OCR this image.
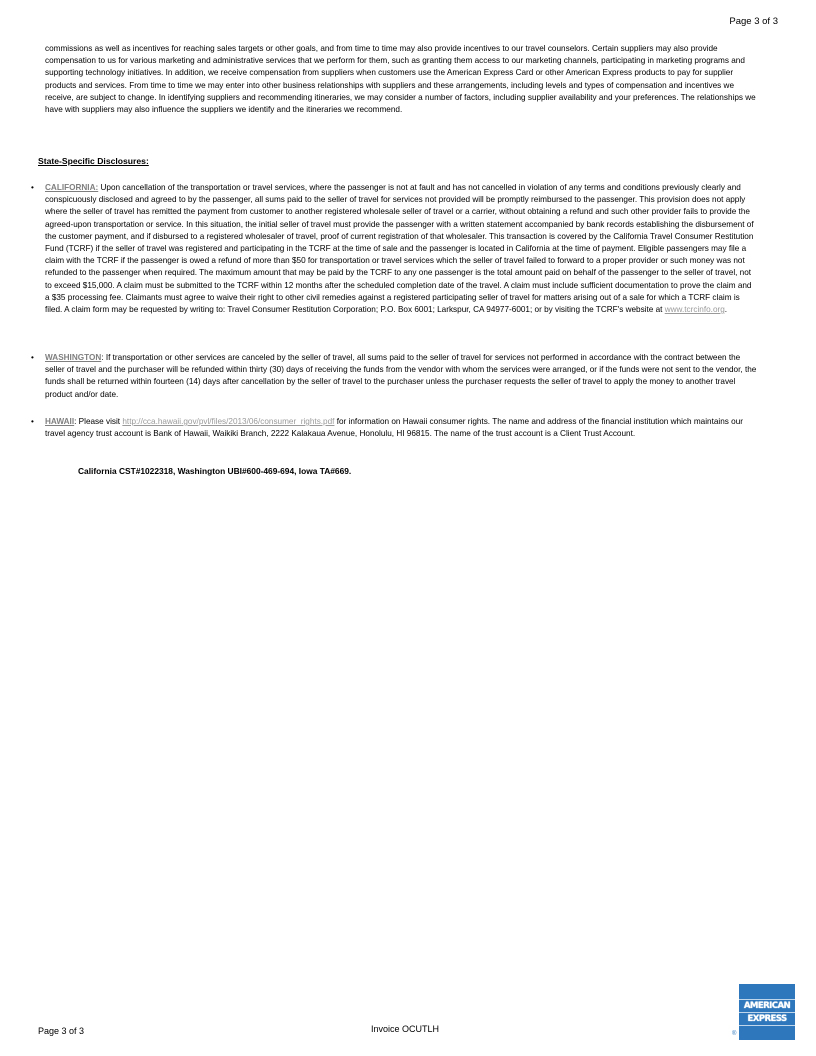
Page 3 of 3

commissions as well as incentives for reaching sales targets or other goals, and from time to time may also provide incentives to our travel counselors. Certain suppliers may also provide compensation to us for various marketing and administrative services that we perform for them, such as granting them access to our marketing channels, participating in marketing programs and supporting technology initiatives. In addition, we receive compensation from suppliers when customers use the American Express Card or other American Express products to pay for supplier products and services. From time to time we may enter into other business relationships with suppliers and these arrangements, including levels and types of compensation and incentives we receive, are subject to change. In identifying suppliers and recommending itineraries, we may consider a number of factors, including supplier availability and your preferences. The relationships we have with suppliers may also influence the suppliers we identify and the itineraries we recommend.

State-Specific Disclosures:

• CALIFORNIA: Upon cancellation of the transportation or travel services, where the passenger is not at fault and has not cancelled in violation of any terms and conditions previously clearly and conspicuously disclosed and agreed to by the passenger, all sums paid to the seller of travel for services not provided will be promptly reimbursed to the passenger. This provision does not apply where the seller of travel has remitted the payment from customer to another registered wholesale seller of travel or a carrier, without obtaining a refund and such other provider fails to provide the agreed-upon transportation or service. In this situation, the initial seller of travel must provide the passenger with a written statement accompanied by bank records establishing the disbursement of the customer payment, and if disbursed to a registered wholesaler of travel, proof of current registration of that wholesaler. This transaction is covered by the California Travel Consumer Restitution Fund (TCRF) if the seller of travel was registered and participating in the TCRF at the time of sale and the passenger is located in California at the time of payment. Eligible passengers may file a claim with the TCRF if the passenger is owed a refund of more than $50 for transportation or travel services which the seller of travel failed to forward to a proper provider or such money was not refunded to the passenger when required. The maximum amount that may be paid by the TCRF to any one passenger is the total amount paid on behalf of the passenger to the seller of travel, not to exceed $15,000. A claim must be submitted to the TCRF within 12 months after the scheduled completion date of the travel. A claim must include sufficient documentation to prove the claim and a $35 processing fee. Claimants must agree to waive their right to other civil remedies against a registered participating seller of travel for matters arising out of a sale for which a TCRF claim is filed. A claim form may be requested by writing to: Travel Consumer Restitution Corporation; P.O. Box 6001; Larkspur, CA 94977-6001; or by visiting the TCRF's website at www.tcrcinfo.org.
• WASHINGTON: If transportation or other services are canceled by the seller of travel, all sums paid to the seller of travel for services not performed in accordance with the contract between the seller of travel and the purchaser will be refunded within thirty (30) days of receiving the funds from the vendor with whom the services were arranged, or if the funds were not sent to the vendor, the funds shall be returned within fourteen (14) days after cancellation by the seller of travel to the purchaser unless the purchaser requests the seller of travel to apply the money to another travel product and/or date.
• HAWAII: Please visit http://cca.hawaii.gov/pvl/files/2013/06/consumer_rights.pdf for information on Hawaii consumer rights. The name and address of the financial institution which maintains our travel agency trust account is Bank of Hawaii, Waikiki Branch, 2222 Kalakaua Avenue, Honolulu, HI 96815. The name of the trust account is a Client Trust Account.

California CST#1022318, Washington UBI#600-469-694, Iowa TA#669.

Page 3 of 3	Invoice OCUTLH
AMERICAN
EXPRESS
®
